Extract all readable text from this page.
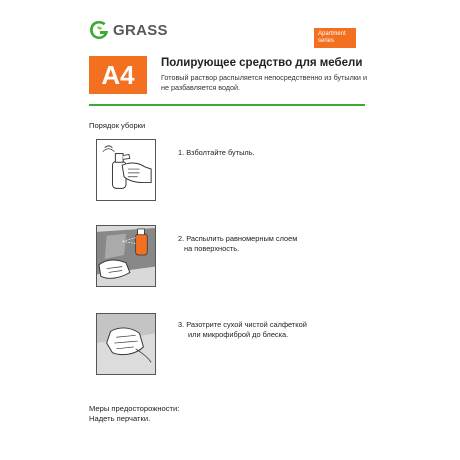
GRASS	Apartment
series
A4	Полирующее средство для мебели
Готовый раствор распыляется непосредственно из бутылки и не разбавляется водой.
Порядок уборки
1. Взболтайте бутыль.
2. Распылить равномерным слоем
на поверхность.
3. Разотрите сухой чистой салфеткой
или микрофиброй до блеска.
Меры предосторожности:
Надеть перчатки.
